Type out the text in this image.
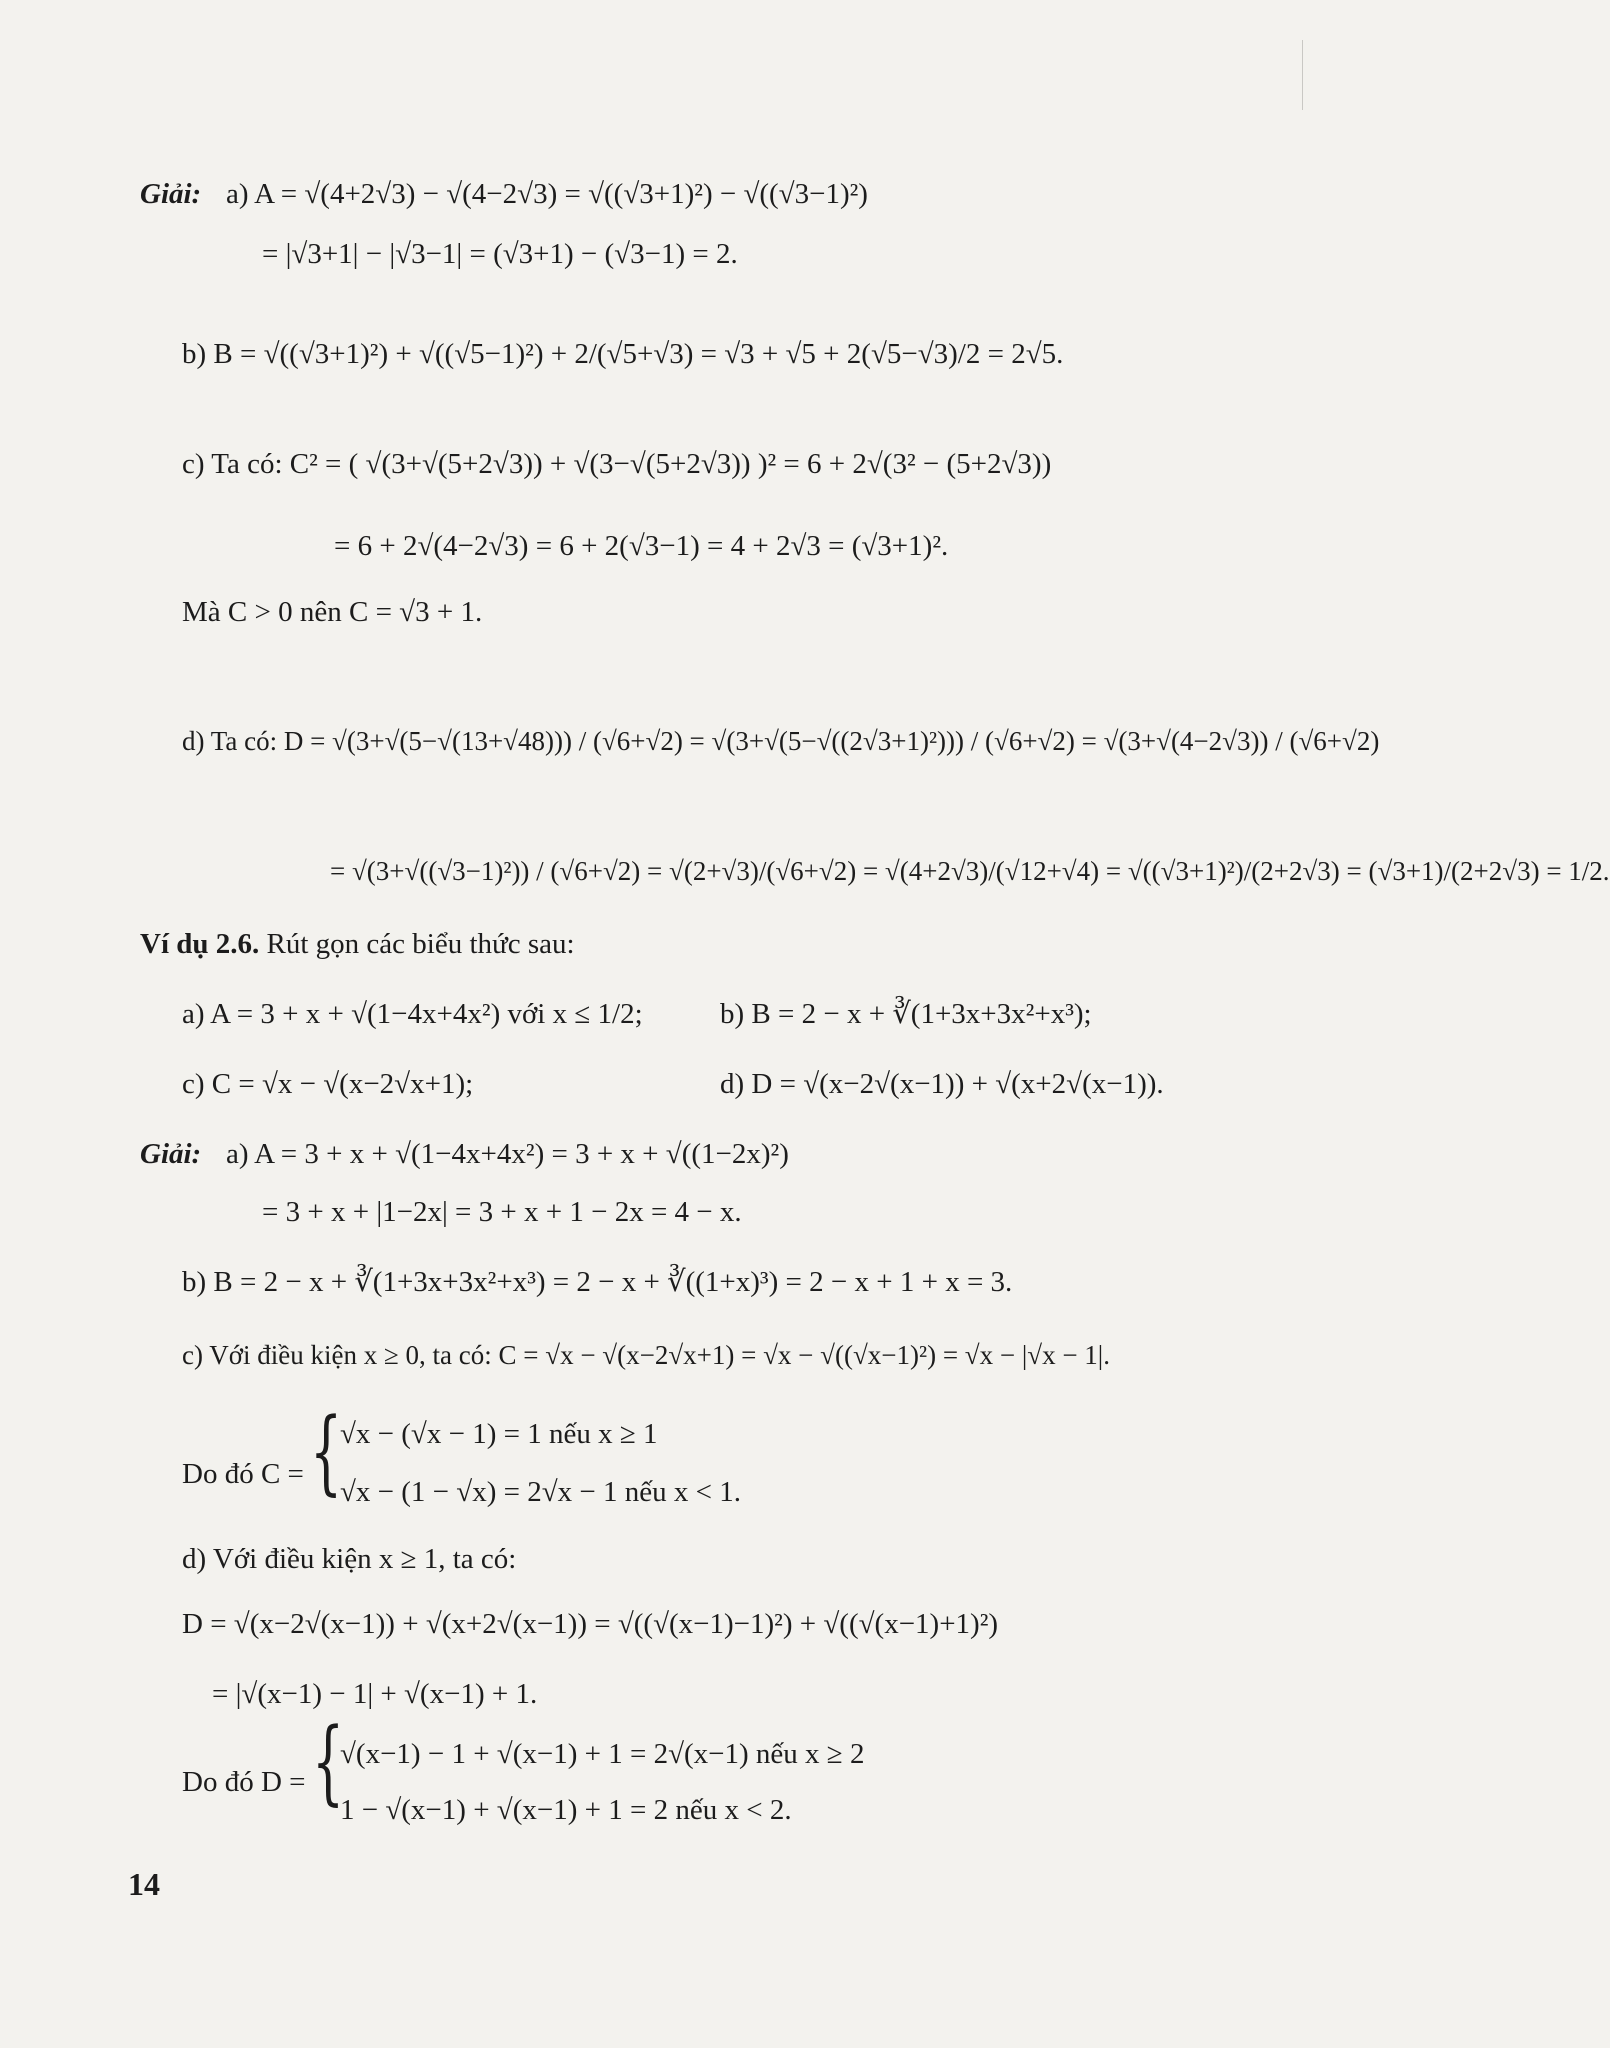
Giải: a) A = √(4+2√3) − √(4−2√3) = √((√3+1)²) − √((√3−1)²)
= |√3+1| − |√3−1| = (√3+1) − (√3−1) = 2.
b) B = √((√3+1)²) + √((√5−1)²) + 2/(√5+√3) = √3 + √5 + 2(√5−√3)/2 = 2√5.
c) Ta có: C² = ( √(3+√(5+2√3)) + √(3−√(5+2√3)) )² = 6 + 2√(3² − (5+2√3))
= 6 + 2√(4−2√3) = 6 + 2(√3−1) = 4 + 2√3 = (√3+1)².
Mà C > 0 nên C = √3 + 1.
d) Ta có: D = √(3+√(5−√(13+√48))) / (√6+√2) = √(3+√(5−√((2√3+1)²))) / (√6+√2) = √(3+√(4−2√3)) / (√6+√2)
= √(3+√((√3−1)²)) / (√6+√2) = √(2+√3)/(√6+√2) = √(4+2√3)/(√12+√4) = √((√3+1)²)/(2+2√3) = (√3+1)/(2+2√3) = 1/2.
Ví dụ 2.6. Rút gọn các biểu thức sau:
a) A = 3 + x + √(1−4x+4x²) với x ≤ 1/2;	b) B = 2 − x + ∛(1+3x+3x²+x³);
c) C = √x − √(x−2√x+1);	d) D = √(x−2√(x−1)) + √(x+2√(x−1)).
Giải: a) A = 3 + x + √(1−4x+4x²) = 3 + x + √((1−2x)²)
= 3 + x + |1−2x| = 3 + x + 1 − 2x = 4 − x.
b) B = 2 − x + ∛(1+3x+3x²+x³) = 2 − x + ∛((1+x)³) = 2 − x + 1 + x = 3.
c) Với điều kiện x ≥ 0, ta có: C = √x − √(x−2√x+1) = √x − √((√x−1)²) = √x − |√x − 1|.
Do đó C = {
√x − (√x − 1) = 1 nếu x ≥ 1
√x − (1 − √x) = 2√x − 1 nếu x < 1.
d) Với điều kiện x ≥ 1, ta có:
D = √(x−2√(x−1)) + √(x+2√(x−1)) = √((√(x−1)−1)²) + √((√(x−1)+1)²)
= |√(x−1) − 1| + √(x−1) + 1.
Do đó D = {
√(x−1) − 1 + √(x−1) + 1 = 2√(x−1) nếu x ≥ 2
1 − √(x−1) + √(x−1) + 1 = 2 nếu x < 2.
14
